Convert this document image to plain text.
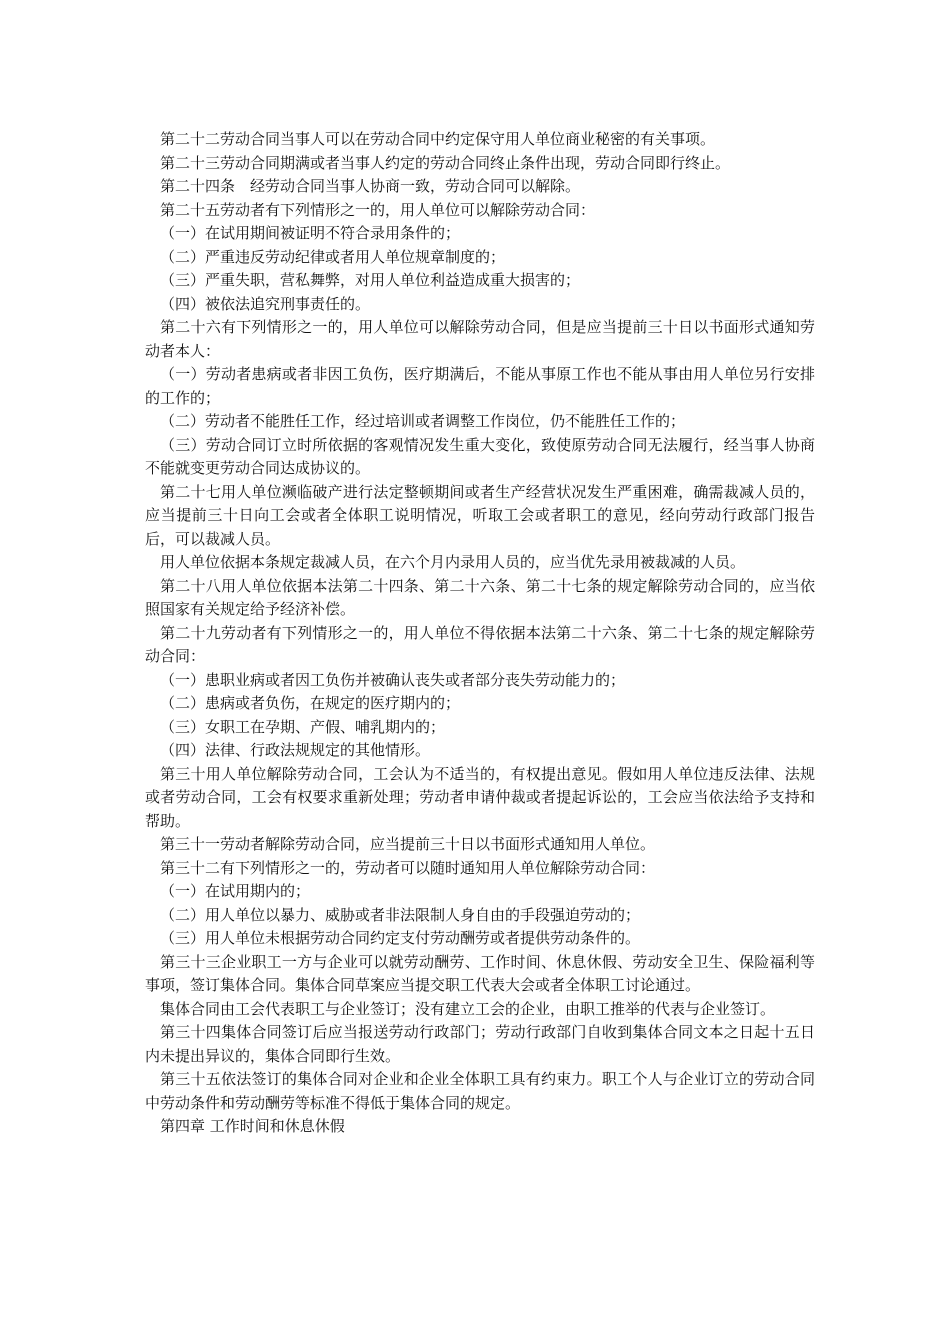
第二十二劳动合同当事人可以在劳动合同中约定保守用人单位商业秘密的有关事项。

第二十三劳动合同期满或者当事人约定的劳动合同终止条件出现，劳动合同即行终止。

第二十四条　经劳动合同当事人协商一致，劳动合同可以解除。

第二十五劳动者有下列情形之一的，用人单位可以解除劳动合同：

（一）在试用期间被证明不符合录用条件的；

（二）严重违反劳动纪律或者用人单位规章制度的；

（三）严重失职，营私舞弊，对用人单位利益造成重大损害的；

（四）被依法追究刑事责任的。

第二十六有下列情形之一的，用人单位可以解除劳动合同，但是应当提前三十日以书面形式通知劳动者本人：

（一）劳动者患病或者非因工负伤，医疗期满后，不能从事原工作也不能从事由用人单位另行安排的工作的；

（二）劳动者不能胜任工作，经过培训或者调整工作岗位，仍不能胜任工作的；

（三）劳动合同订立时所依据的客观情况发生重大变化，致使原劳动合同无法履行，经当事人协商不能就变更劳动合同达成协议的。

第二十七用人单位濒临破产进行法定整顿期间或者生产经营状况发生严重困难，确需裁减人员的，应当提前三十日向工会或者全体职工说明情况，听取工会或者职工的意见，经向劳动行政部门报告后，可以裁减人员。

用人单位依据本条规定裁减人员，在六个月内录用人员的，应当优先录用被裁减的人员。

第二十八用人单位依据本法第二十四条、第二十六条、第二十七条的规定解除劳动合同的，应当依照国家有关规定给予经济补偿。

第二十九劳动者有下列情形之一的，用人单位不得依据本法第二十六条、第二十七条的规定解除劳动合同：

（一）患职业病或者因工负伤并被确认丧失或者部分丧失劳动能力的；

（二）患病或者负伤，在规定的医疗期内的；

（三）女职工在孕期、产假、哺乳期内的；

（四）法律、行政法规规定的其他情形。

第三十用人单位解除劳动合同，工会认为不适当的，有权提出意见。假如用人单位违反法律、法规或者劳动合同，工会有权要求重新处理；劳动者申请仲裁或者提起诉讼的，工会应当依法给予支持和帮助。

第三十一劳动者解除劳动合同，应当提前三十日以书面形式通知用人单位。

第三十二有下列情形之一的，劳动者可以随时通知用人单位解除劳动合同：

（一）在试用期内的；

（二）用人单位以暴力、威胁或者非法限制人身自由的手段强迫劳动的；

（三）用人单位未根据劳动合同约定支付劳动酬劳或者提供劳动条件的。

第三十三企业职工一方与企业可以就劳动酬劳、工作时间、休息休假、劳动安全卫生、保险福利等事项，签订集体合同。集体合同草案应当提交职工代表大会或者全体职工讨论通过。

集体合同由工会代表职工与企业签订；没有建立工会的企业，由职工推举的代表与企业签订。

第三十四集体合同签订后应当报送劳动行政部门；劳动行政部门自收到集体合同文本之日起十五日内未提出异议的，集体合同即行生效。

第三十五依法签订的集体合同对企业和企业全体职工具有约束力。职工个人与企业订立的劳动合同中劳动条件和劳动酬劳等标准不得低于集体合同的规定。

第四章 工作时间和休息休假
